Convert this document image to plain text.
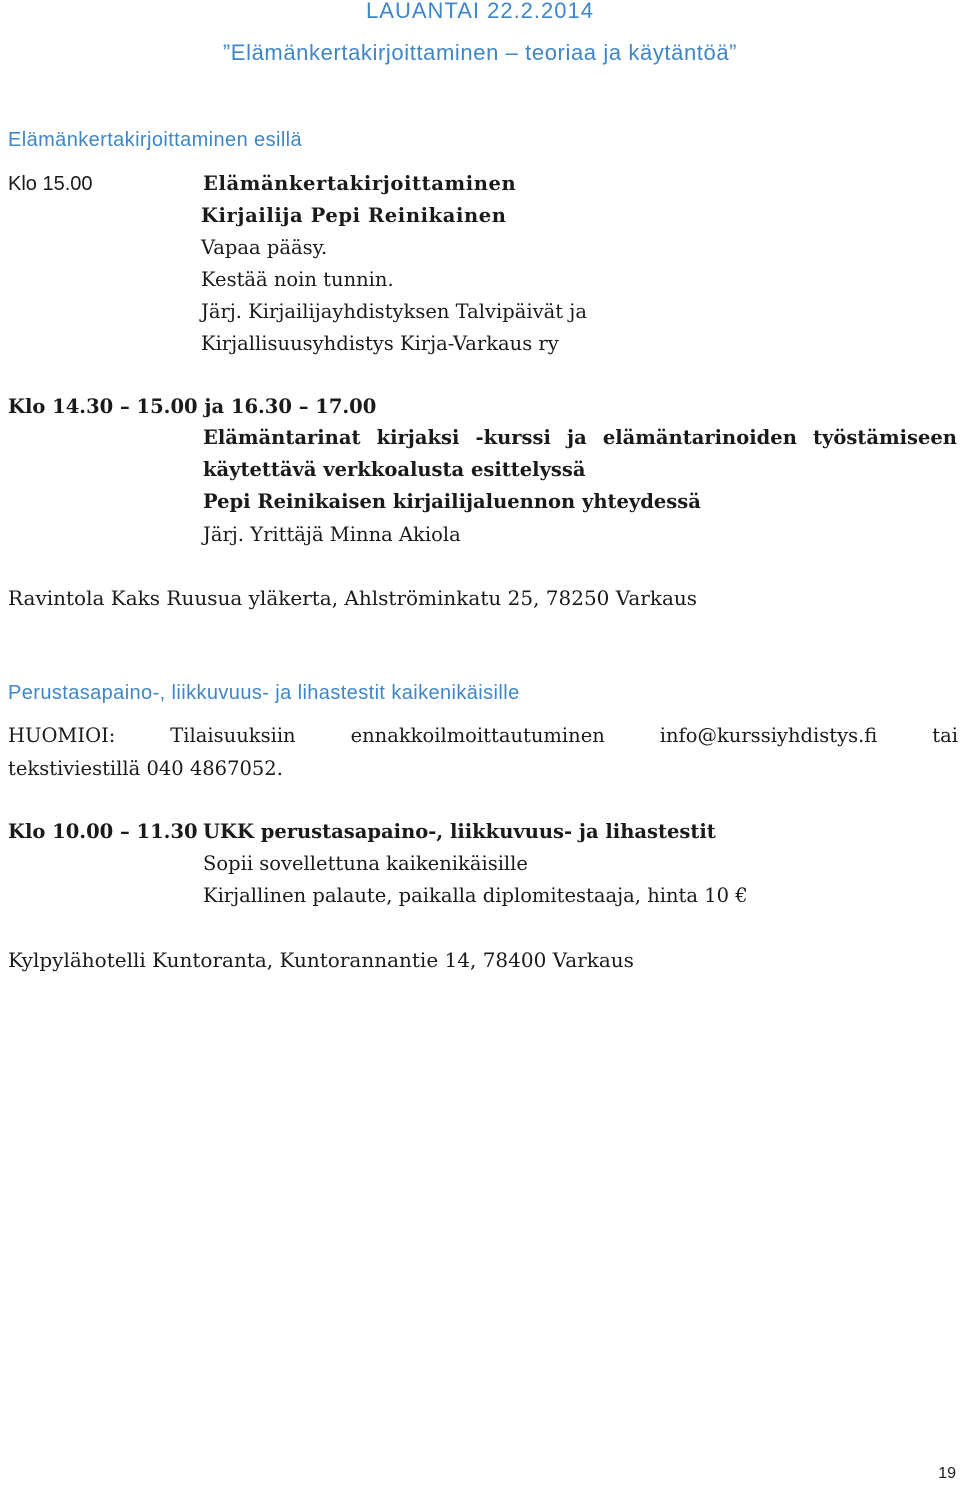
LAUANTAI 22.2.2014
”Elämänkertakirjoittaminen – teoriaa ja käytäntöä”
Elämänkertakirjoittaminen esillä
Klo 15.00	Elämänkertakirjoittaminen
Kirjailija Pepi Reinikainen
Vapaa pääsy.
Kestää noin tunnin.
Järj. Kirjailijayhdistyksen Talvipäivät ja
Kirjallisuusyhdistys Kirja-Varkaus ry
Klo 14.30 – 15.00 ja 16.30 – 17.00
Elämäntarinat kirjaksi -kurssi ja elämäntarinoiden työstämiseen
käytettävä verkkoalusta esittelyssä
Pepi Reinikaisen kirjailijaluennon yhteydessä
Järj. Yrittäjä Minna Akiola
Ravintola Kaks Ruusua yläkerta, Ahlströminkatu 25, 78250 Varkaus
Perustasapaino-, liikkuvuus- ja lihastestit kaikenikäisille
HUOMIOI:	Tilaisuuksiin	ennakkoilmoittautuminen	info@kurssiyhdistys.fi	tai
tekstiviestillä 040 4867052.
Klo 10.00 – 11.30 UKK perustasapaino-, liikkuvuus- ja lihastestit
Sopii sovellettuna kaikenikäisille
Kirjallinen palaute, paikalla diplomitestaaja, hinta 10 €
Kylpylähotelli Kuntoranta, Kuntorannantie 14, 78400 Varkaus
19
